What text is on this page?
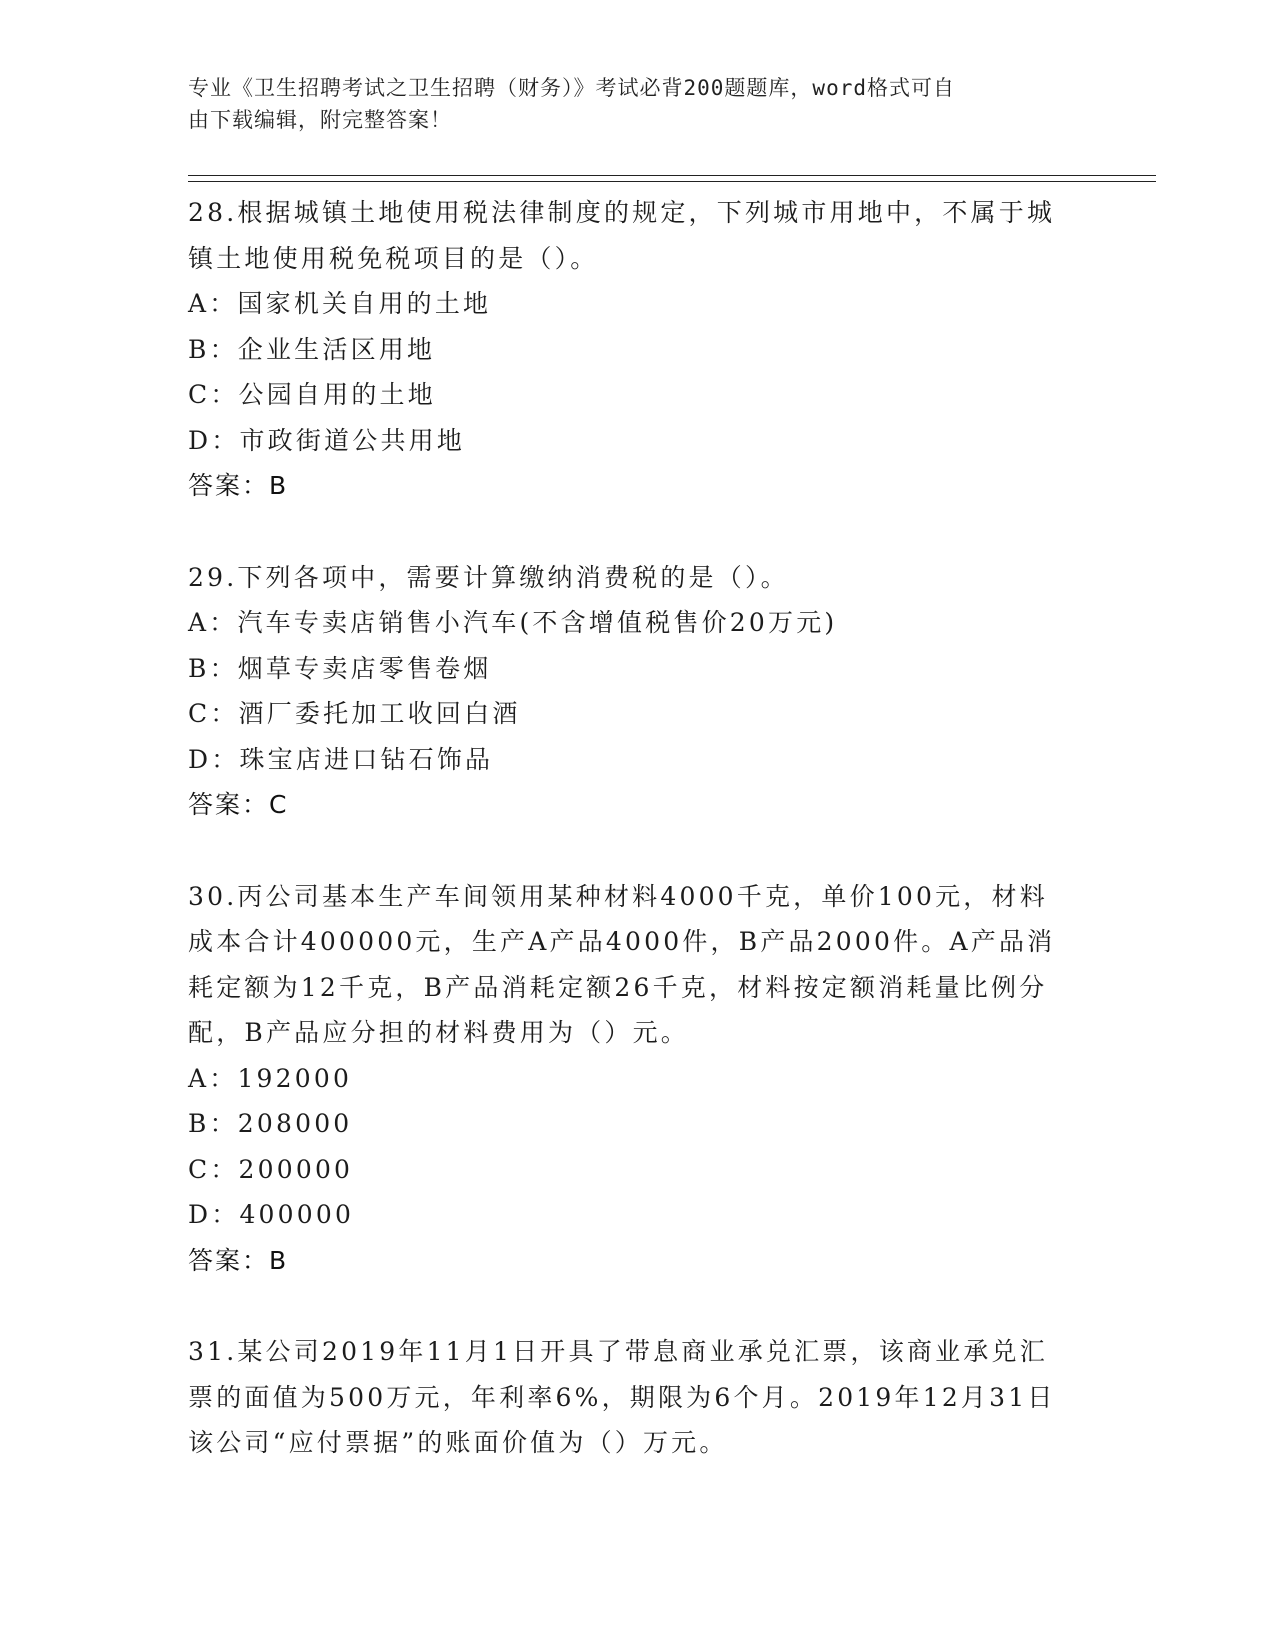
专业《卫生招聘考试之卫生招聘（财务）》考试必背200题题库，word格式可自
由下载编辑，附完整答案！
28.根据城镇土地使用税法律制度的规定，下列城市用地中，不属于城
镇土地使用税免税项目的是（）。
A：国家机关自用的土地
B：企业生活区用地
C：公园自用的土地
D：市政街道公共用地
答案：B
29.下列各项中，需要计算缴纳消费税的是（）。
A：汽车专卖店销售小汽车(不含增值税售价20万元)
B：烟草专卖店零售卷烟
C：酒厂委托加工收回白酒
D：珠宝店进口钻石饰品
答案：C
30.丙公司基本生产车间领用某种材料4000千克，单价100元，材料
成本合计400000元，生产A产品4000件，B产品2000件。A产品消
耗定额为12千克，B产品消耗定额26千克，材料按定额消耗量比例分
配，B产品应分担的材料费用为（）元。
A：192000
B：208000
C：200000
D：400000
答案：B
31.某公司2019年11月1日开具了带息商业承兑汇票，该商业承兑汇
票的面值为500万元，年利率6%，期限为6个月。2019年12月31日
该公司“应付票据”的账面价值为（）万元。
